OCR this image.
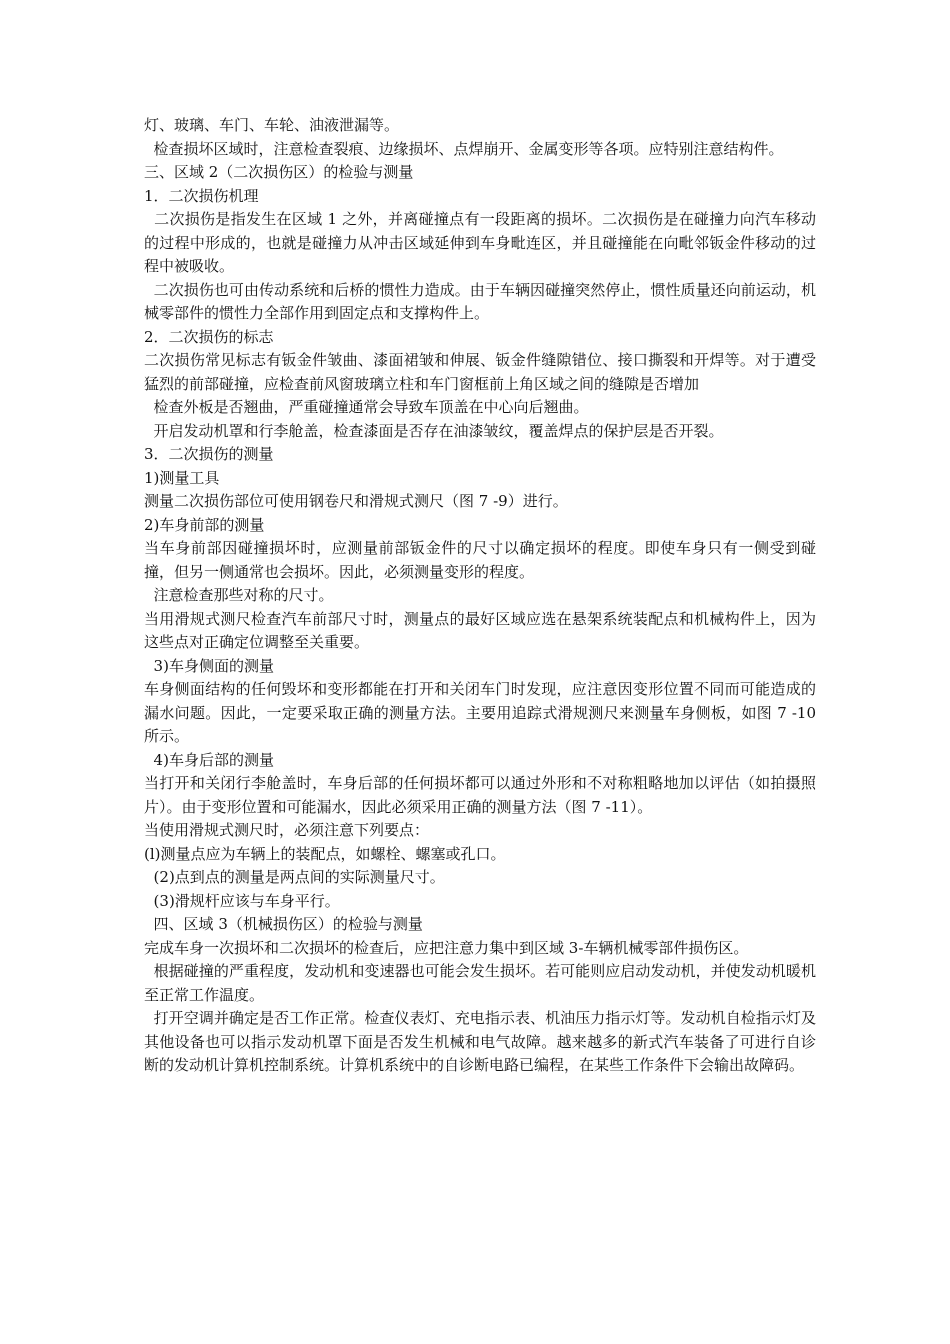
灯、玻璃、车门、车轮、油液泄漏等。

检查损坏区域时，注意检查裂痕、边缘损坏、点焊崩开、金属变形等各项。应特别注意结构件。

三、区域 2（二次损伤区）的检验与测量

1．二次损伤机理

二次损伤是指发生在区域 1 之外，并离碰撞点有一段距离的损坏。二次损伤是在碰撞力向汽车移动的过程中形成的，也就是碰撞力从冲击区域延伸到车身毗连区，并且碰撞能在向毗邻钣金件移动的过程中被吸收。

二次损伤也可由传动系统和后桥的惯性力造成。由于车辆因碰撞突然停止，惯性质量还向前运动，机械零部件的惯性力全部作用到固定点和支撑构件上。

2．二次损伤的标志

二次损伤常见标志有钣金件皱曲、漆面裙皱和伸展、钣金件缝隙错位、接口撕裂和开焊等。对于遭受猛烈的前部碰撞，应检查前风窗玻璃立柱和车门窗框前上角区域之间的缝隙是否增加

检查外板是否翘曲，严重碰撞通常会导致车顶盖在中心向后翘曲。

开启发动机罩和行李舱盖，检查漆面是否存在油漆皱纹，覆盖焊点的保护层是否开裂。

3．二次损伤的测量

1)测量工具

测量二次损伤部位可使用钢卷尺和滑规式测尺（图 7 -9）进行。

2)车身前部的测量

当车身前部因碰撞损坏时，应测量前部钣金件的尺寸以确定损坏的程度。即使车身只有一侧受到碰撞，但另一侧通常也会损坏。因此，必须测量变形的程度。

注意检查那些对称的尺寸。

当用滑规式测尺检查汽车前部尺寸时，测量点的最好区域应选在悬架系统装配点和机械构件上，因为这些点对正确定位调整至关重要。

3)车身侧面的测量

车身侧面结构的任何毁坏和变形都能在打开和关闭车门时发现，应注意因变形位置不同而可能造成的漏水问题。因此，一定要采取正确的测量方法。主要用追踪式滑规测尺来测量车身侧板，如图 7 -10 所示。

4)车身后部的测量

当打开和关闭行李舱盖时，车身后部的任何损坏都可以通过外形和不对称粗略地加以评估（如拍摄照片）。由于变形位置和可能漏水，因此必须采用正确的测量方法（图 7 -11）。

当使用滑规式测尺时，必须注意下列要点：

(l)测量点应为车辆上的装配点，如螺栓、螺塞或孔口。

(2)点到点的测量是两点间的实际测量尺寸。

(3)滑规杆应该与车身平行。

四、区域 3（机械损伤区）的检验与测量

完成车身一次损坏和二次损坏的检查后，应把注意力集中到区域 3-车辆机械零部件损伤区。

根据碰撞的严重程度，发动机和变速器也可能会发生损坏。若可能则应启动发动机，并使发动机暖机至正常工作温度。

打开空调并确定是否工作正常。检查仪表灯、充电指示表、机油压力指示灯等。发动机自检指示灯及其他设备也可以指示发动机罩下面是否发生机械和电气故障。越来越多的新式汽车装备了可进行自诊断的发动机计算机控制系统。计算机系统中的自诊断电路已编程，在某些工作条件下会输出故障码。
